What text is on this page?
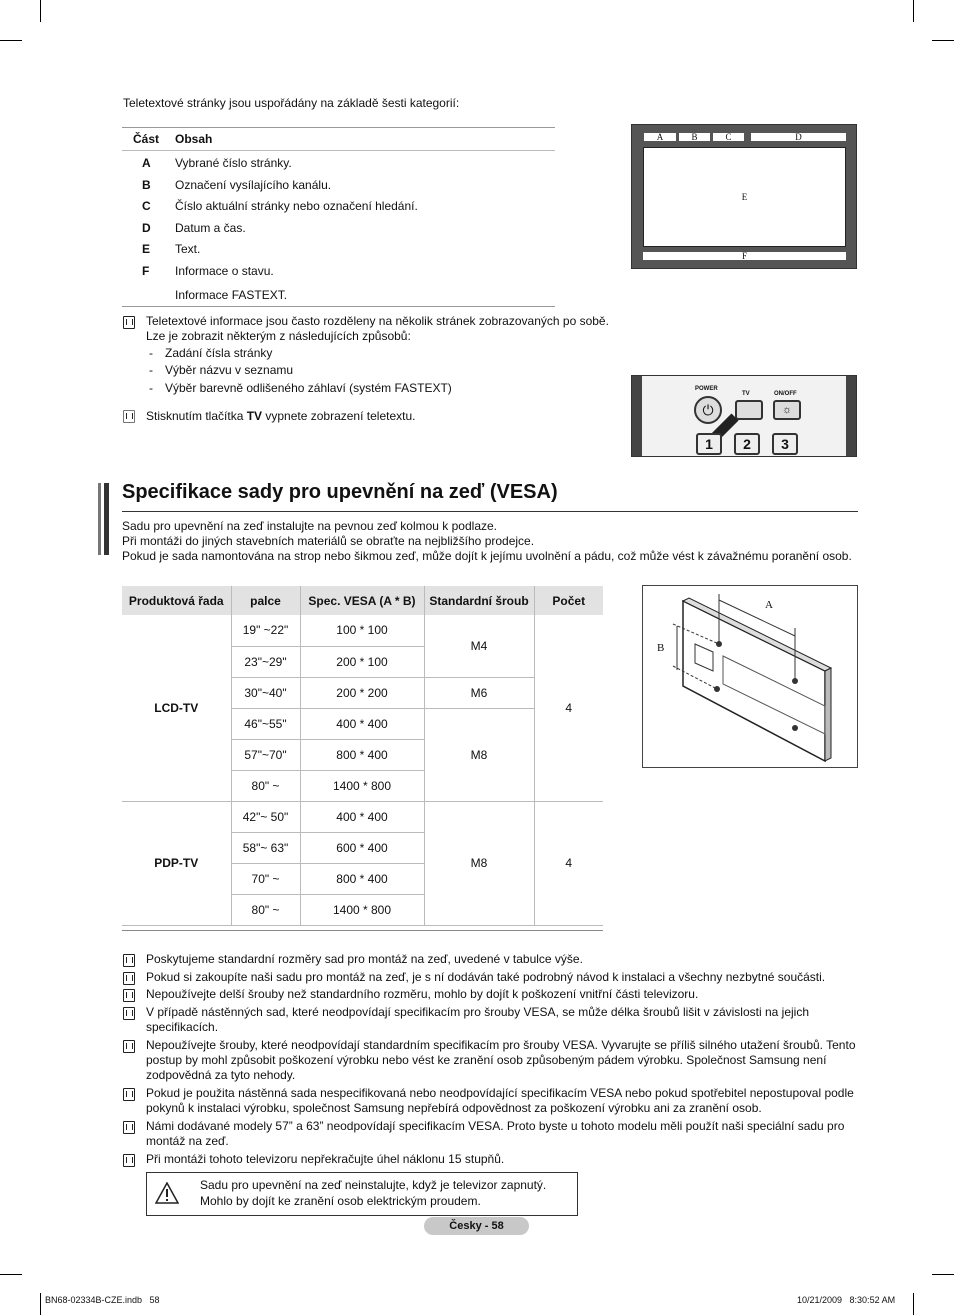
Teletextové stránky jsou uspořádány na základě šesti kategorií:
Část Obsah
A Vybrané číslo stránky.
B Označení vysílajícího kanálu.
C Číslo aktuální stránky nebo označení hledání.
D Datum a čas.
E Text.
F Informace o stavu.
Informace FASTEXT.
A	B	C	D
E
F
Teletextové informace jsou často rozděleny na několik stránek zobrazovaných po sobě.
Lze je zobrazit některým z následujících způsobů:
- Zadání čísla stránky
- Výběr názvu v seznamu
- Výběr barevně odlišeného záhlaví (systém FASTEXT)
Stisknutím tlačítka TV vypnete zobrazení teletextu.
POWER
TV	ON/OFF
⏻	☼
1	2	3
Specifikace sady pro upevnění na zeď (VESA)
Sadu pro upevnění na zeď instalujte na pevnou zeď kolmou k podlaze.
Při montáži do jiných stavebních materiálů se obraťte na nejbližšího prodejce.
Pokud je sada namontována na strop nebo šikmou zeď, může dojít k jejímu uvolnění a pádu, což může vést k závažnému poranění osob.
Produktová řada	palce	Spec. VESA (A * B)	Standardní šroub	Počet
LCD-TV	19" ~22"	100 * 100	M4	4
	23"~29"	200 * 100		
	30"~40"	200 * 200	M6	
	46"~55"	400 * 400	M8	
	57"~70"	800 * 400		
	80" ~	1400 * 800		
PDP-TV	42"~ 50"	400 * 400	M8	4
	58"~ 63"	600 * 400		
	70" ~	800 * 400		
	80" ~	1400 * 800		
A
B
Poskytujeme standardní rozměry sad pro montáž na zeď, uvedené v tabulce výše.
Pokud si zakoupíte naši sadu pro montáž na zeď, je s ní dodáván také podrobný návod k instalaci a všechny nezbytné součásti.
Nepoužívejte delší šrouby než standardního rozměru, mohlo by dojít k poškození vnitřní části televizoru.
V případě nástěnných sad, které neodpovídají specifikacím pro šrouby VESA, se může délka šroubů lišit v závislosti na jejich specifikacích.
Nepoužívejte šrouby, které neodpovídají standardním specifikacím pro šrouby VESA. Vyvarujte se příliš silného utažení šroubů. Tento postup by mohl způsobit poškození výrobku nebo vést ke zranění osob způsobeným pádem výrobku. Společnost Samsung není zodpovědná za tyto nehody.
Pokud je použita nástěnná sada nespecifikovaná nebo neodpovídající specifikacím VESA nebo pokud spotřebitel nepostupoval podle pokynů k instalaci výrobku, společnost Samsung nepřebírá odpovědnost za poškození výrobku ani za zranění osob.
Námi dodávané modely 57” a 63” neodpovídají specifikacím VESA. Proto byste u tohoto modelu měli použít naši speciální sadu pro montáž na zeď.
Při montáži tohoto televizoru nepřekračujte úhel náklonu 15 stupňů.
Sadu pro upevnění na zeď neinstalujte, když je televizor zapnutý.
Mohlo by dojít ke zranění osob elektrickým proudem.
Česky - 58
BN68-02334B-CZE.indb   58	10/21/2009   8:30:52 AM
